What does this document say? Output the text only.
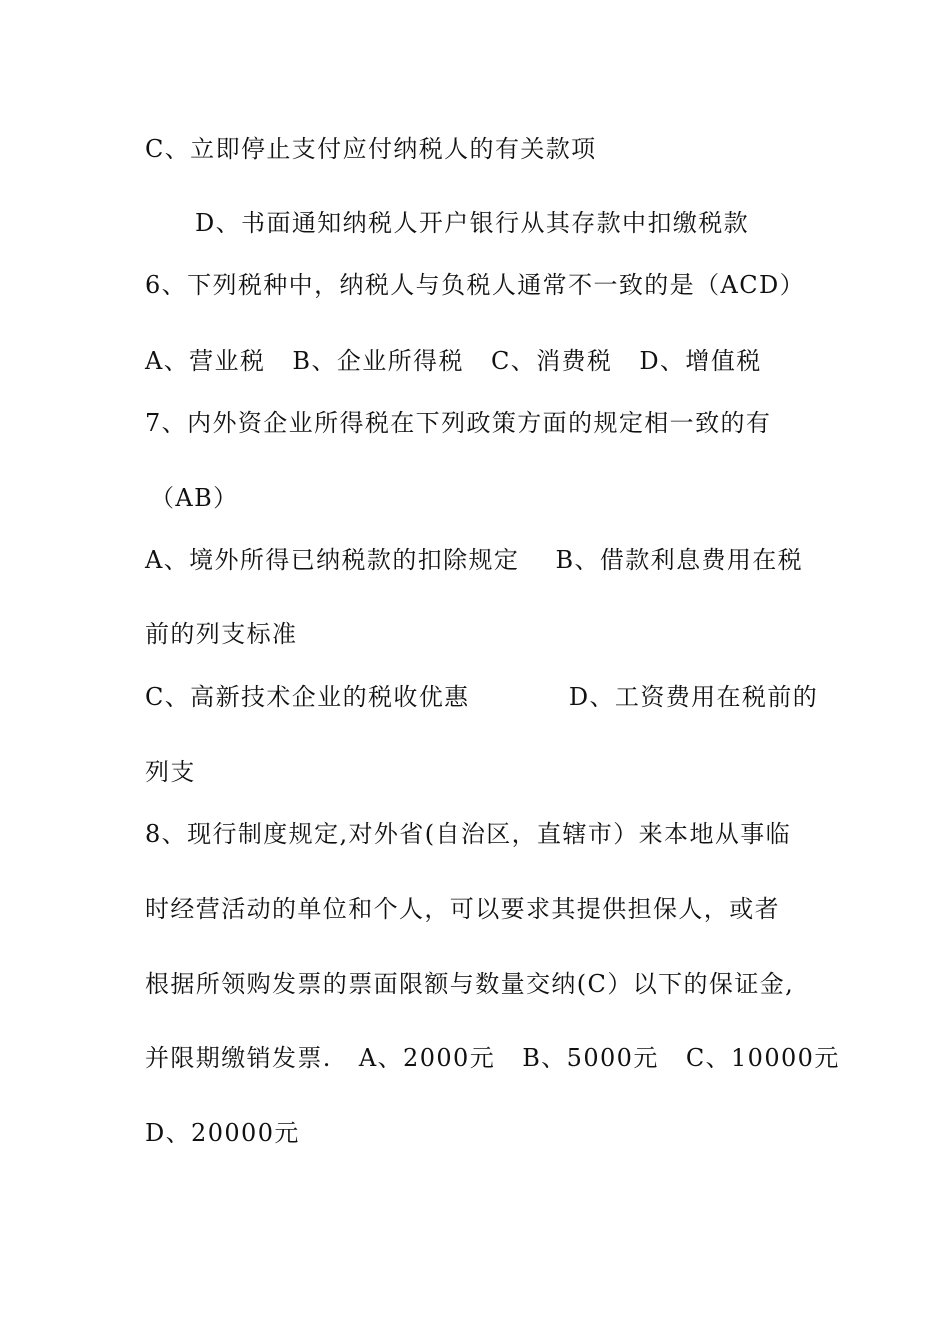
C、立即停止支付应付纳税人的有关款项
D、书面通知纳税人开户银行从其存款中扣缴税款
6、下列税种中，纳税人与负税人通常不一致的是（ACD）
A、营业税   B、企业所得税   C、消费税   D、增值税
7、内外资企业所得税在下列政策方面的规定相一致的有
（AB）
A、境外所得已纳税款的扣除规定    B、借款利息费用在税
前的列支标准
C、高新技术企业的税收优惠           D、工资费用在税前的
列支
8、现行制度规定,对外省(自治区，直辖市）来本地从事临
时经营活动的单位和个人，可以要求其提供担保人，或者
根据所领购发票的票面限额与数量交纳(C）以下的保证金,
并限期缴销发票.   A、2000元   B、5000元   C、10000元
D、20000元
